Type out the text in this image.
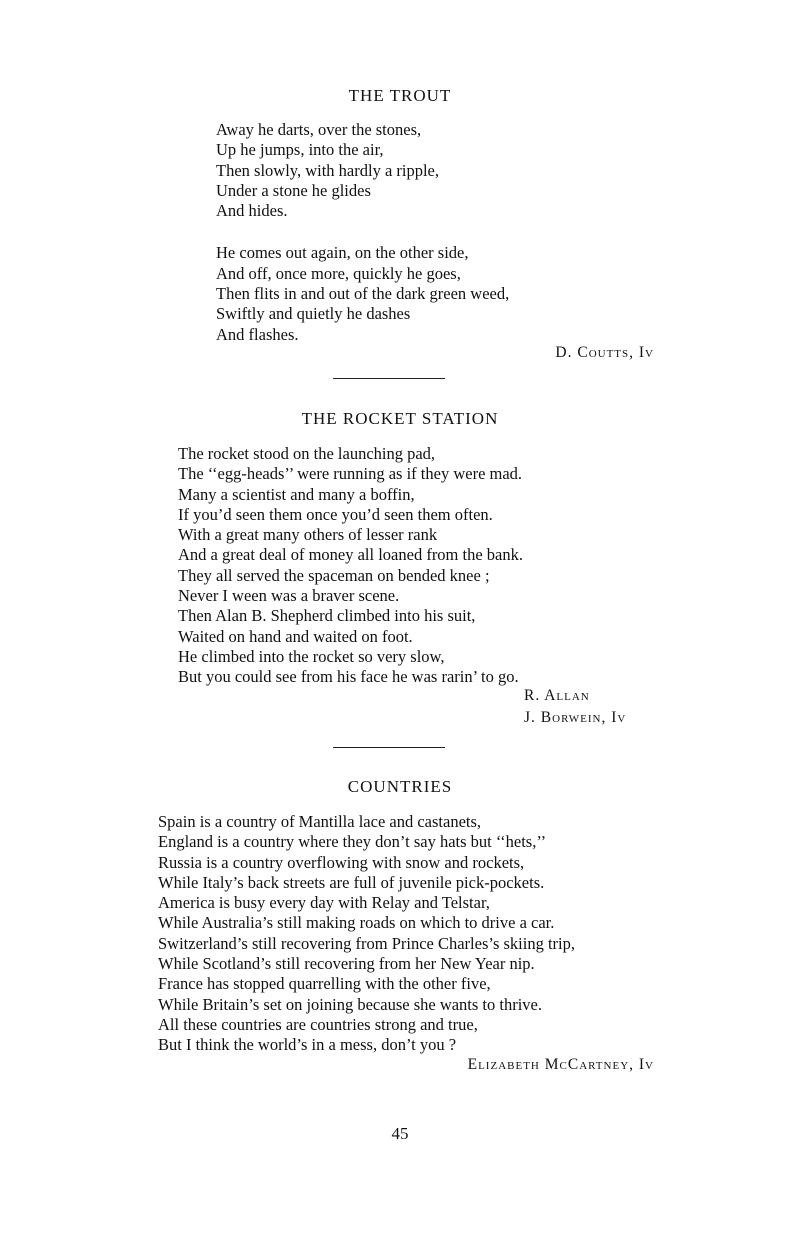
THE TROUT
Away he darts, over the stones,
Up he jumps, into the air,
Then slowly, with hardly a ripple,
Under a stone he glides
And hides.
He comes out again, on the other side,
And off, once more, quickly he goes,
Then flits in and out of the dark green weed,
Swiftly and quietly he dashes
And flashes.
D. Coutts, Iv
THE ROCKET STATION
The rocket stood on the launching pad,
The ‘‘egg-heads’’ were running as if they were mad.
Many a scientist and many a boffin,
If you’d seen them once you’d seen them often.
With a great many others of lesser rank
And a great deal of money all loaned from the bank.
They all served the spaceman on bended knee ;
Never I ween was a braver scene.
Then Alan B. Shepherd climbed into his suit,
Waited on hand and waited on foot.
He climbed into the rocket so very slow,
But you could see from his face he was rarin’ to go.
R. Allan
J. Borwein, Iv
COUNTRIES
Spain is a country of Mantilla lace and castanets,
England is a country where they don’t say hats but ‘‘hets,’’
Russia is a country overflowing with snow and rockets,
While Italy’s back streets are full of juvenile pick-pockets.
America is busy every day with Relay and Telstar,
While Australia’s still making roads on which to drive a car.
Switzerland’s still recovering from Prince Charles’s skiing trip,
While Scotland’s still recovering from her New Year nip.
France has stopped quarrelling with the other five,
While Britain’s set on joining because she wants to thrive.
All these countries are countries strong and true,
But I think the world’s in a mess, don’t you ?
Elizabeth McCartney, Iv
45
